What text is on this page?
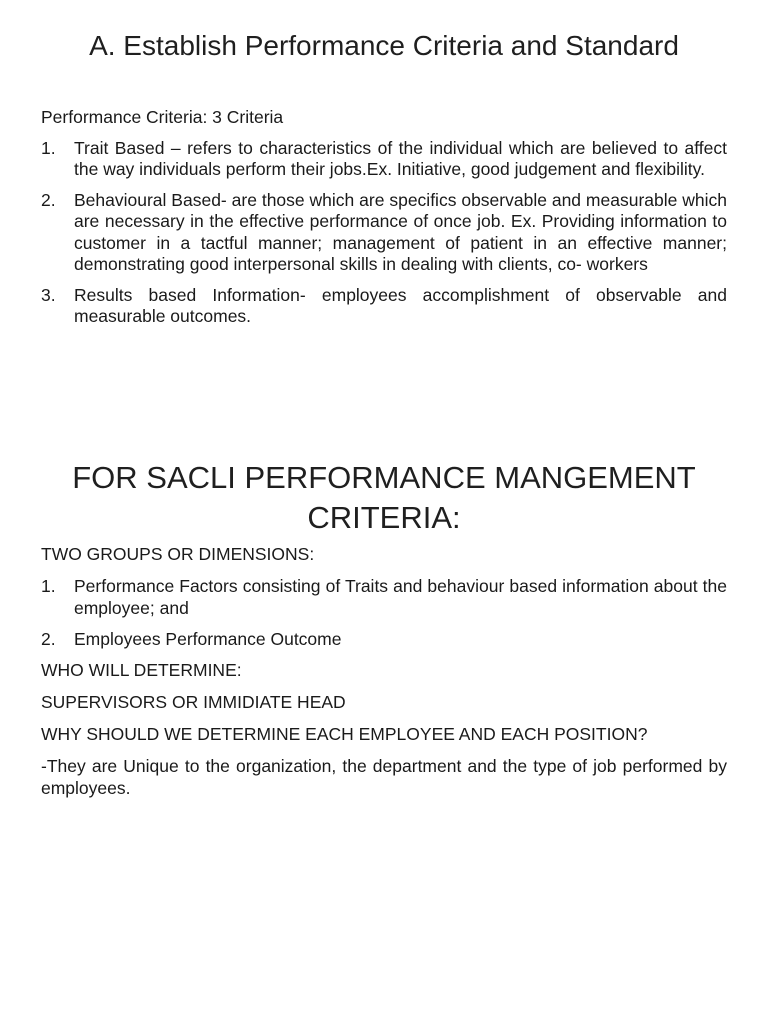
A. Establish Performance Criteria and Standard

Performance Criteria: 3 Criteria

1.	Trait Based – refers to characteristics of the individual which are believed to affect the way individuals perform their jobs.Ex. Initiative, good judgement and flexibility.
2.	Behavioural Based- are those which are specifics observable and measurable which are necessary in the effective performance of once job. Ex. Providing information to customer in a tactful manner; management of patient in an effective manner; demonstrating good interpersonal skills in dealing with clients, co- workers
3.	Results based Information- employees accomplishment of observable and measurable outcomes.
FOR SACLI PERFORMANCE MANGEMENT CRITERIA:

TWO GROUPS OR DIMENSIONS:

1.	Performance Factors consisting of Traits and behaviour based information about the employee; and
2.	Employees Performance Outcome

WHO WILL DETERMINE:

SUPERVISORS OR IMMIDIATE HEAD

WHY SHOULD WE DETERMINE EACH EMPLOYEE AND EACH POSITION?

-They are Unique to the organization, the department and the type of job performed by employees.
